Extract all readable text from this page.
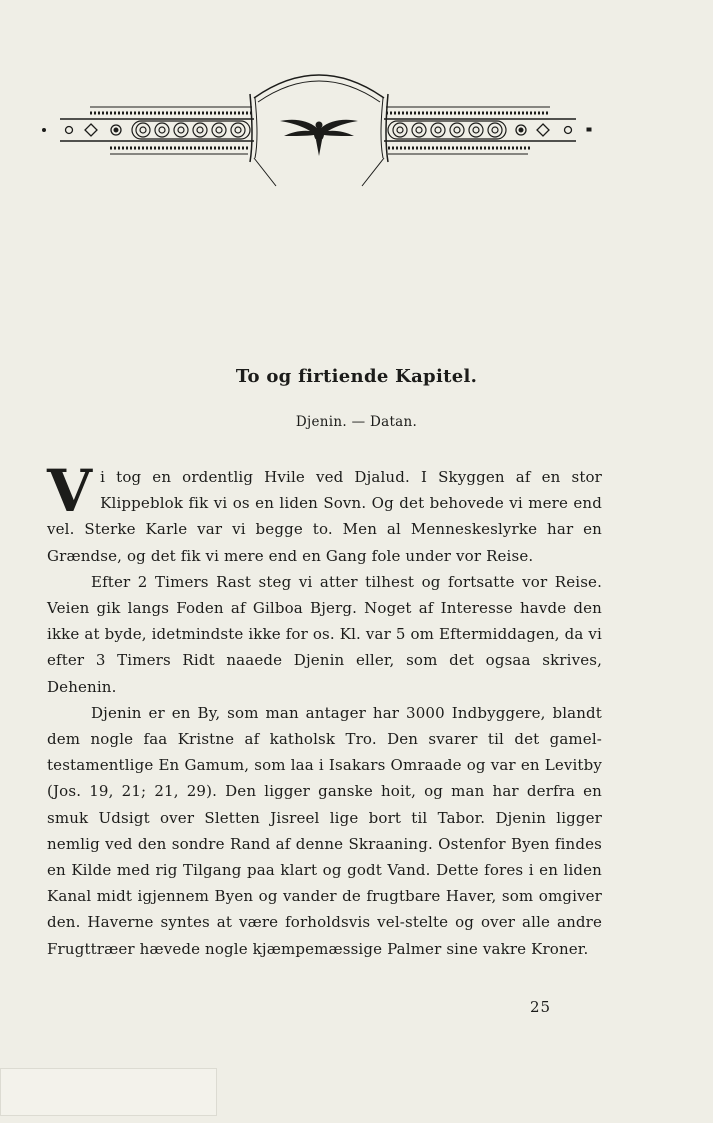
To og firtiende Kapitel.
Djenin. — Datan.

Vi tog en ordentlig Hvile ved Djalud. I Skyggen af en stor Klippeblok fik vi os en liden Sovn. Og det behovede vi mere end vel. Sterke Karle var vi begge to. Men al Menneskeslyrke har en Grændse, og det fik vi mere end en Gang fole under vor Reise.

Efter 2 Timers Rast steg vi atter tilhest og fortsatte vor Reise. Veien gik langs Foden af Gilboa Bjerg. Noget af Interesse havde den ikke at byde, idetmindste ikke for os. Kl. var 5 om Eftermiddagen, da vi efter 3 Timers Ridt naaede Djenin eller, som det ogsaa skrives, Dehenin.

Djenin er en By, som man antager har 3000 Indbyggere, blandt dem nogle faa Kristne af katholsk Tro. Den svarer til det gamel-testamentlige En Gamum, som laa i Isakars Omraade og var en Levitby (Jos. 19, 21; 21, 29). Den ligger ganske hoit, og man har derfra en smuk Udsigt over Sletten Jisreel lige bort til Tabor. Djenin ligger nemlig ved den sondre Rand af denne Skraaning. Ostenfor Byen findes en Kilde med rig Tilgang paa klart og godt Vand. Dette fores i en liden Kanal midt igjennem Byen og vander de frugtbare Haver, som omgiver den. Haverne syntes at være forholdsvis vel-stelte og over alle andre Frugttræer hævede nogle kjæmpemæssige Palmer sine vakre Kroner.

25
